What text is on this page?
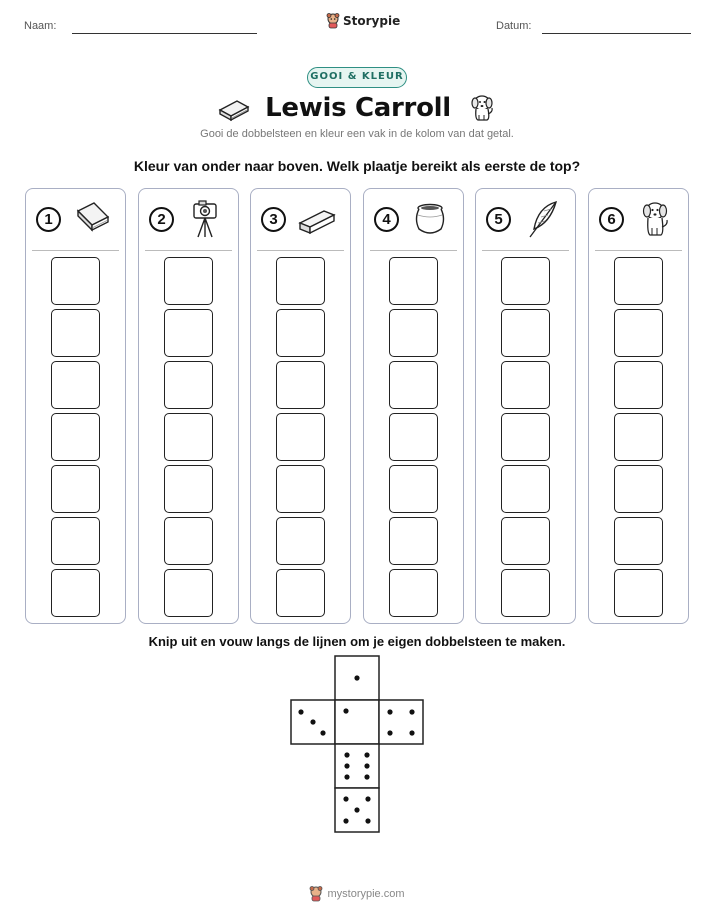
Naam:	Storypie	Datum:
GOOI & KLEUR
Lewis Carroll
Gooi de dobbelsteen en kleur een vak in de kolom van dat getal.
Kleur van onder naar boven. Welk plaatje bereikt als eerste de top?
1	2	3	4	5	6
Knip uit en vouw langs de lijnen om je eigen dobbelsteen te maken.
mystorypie.com
